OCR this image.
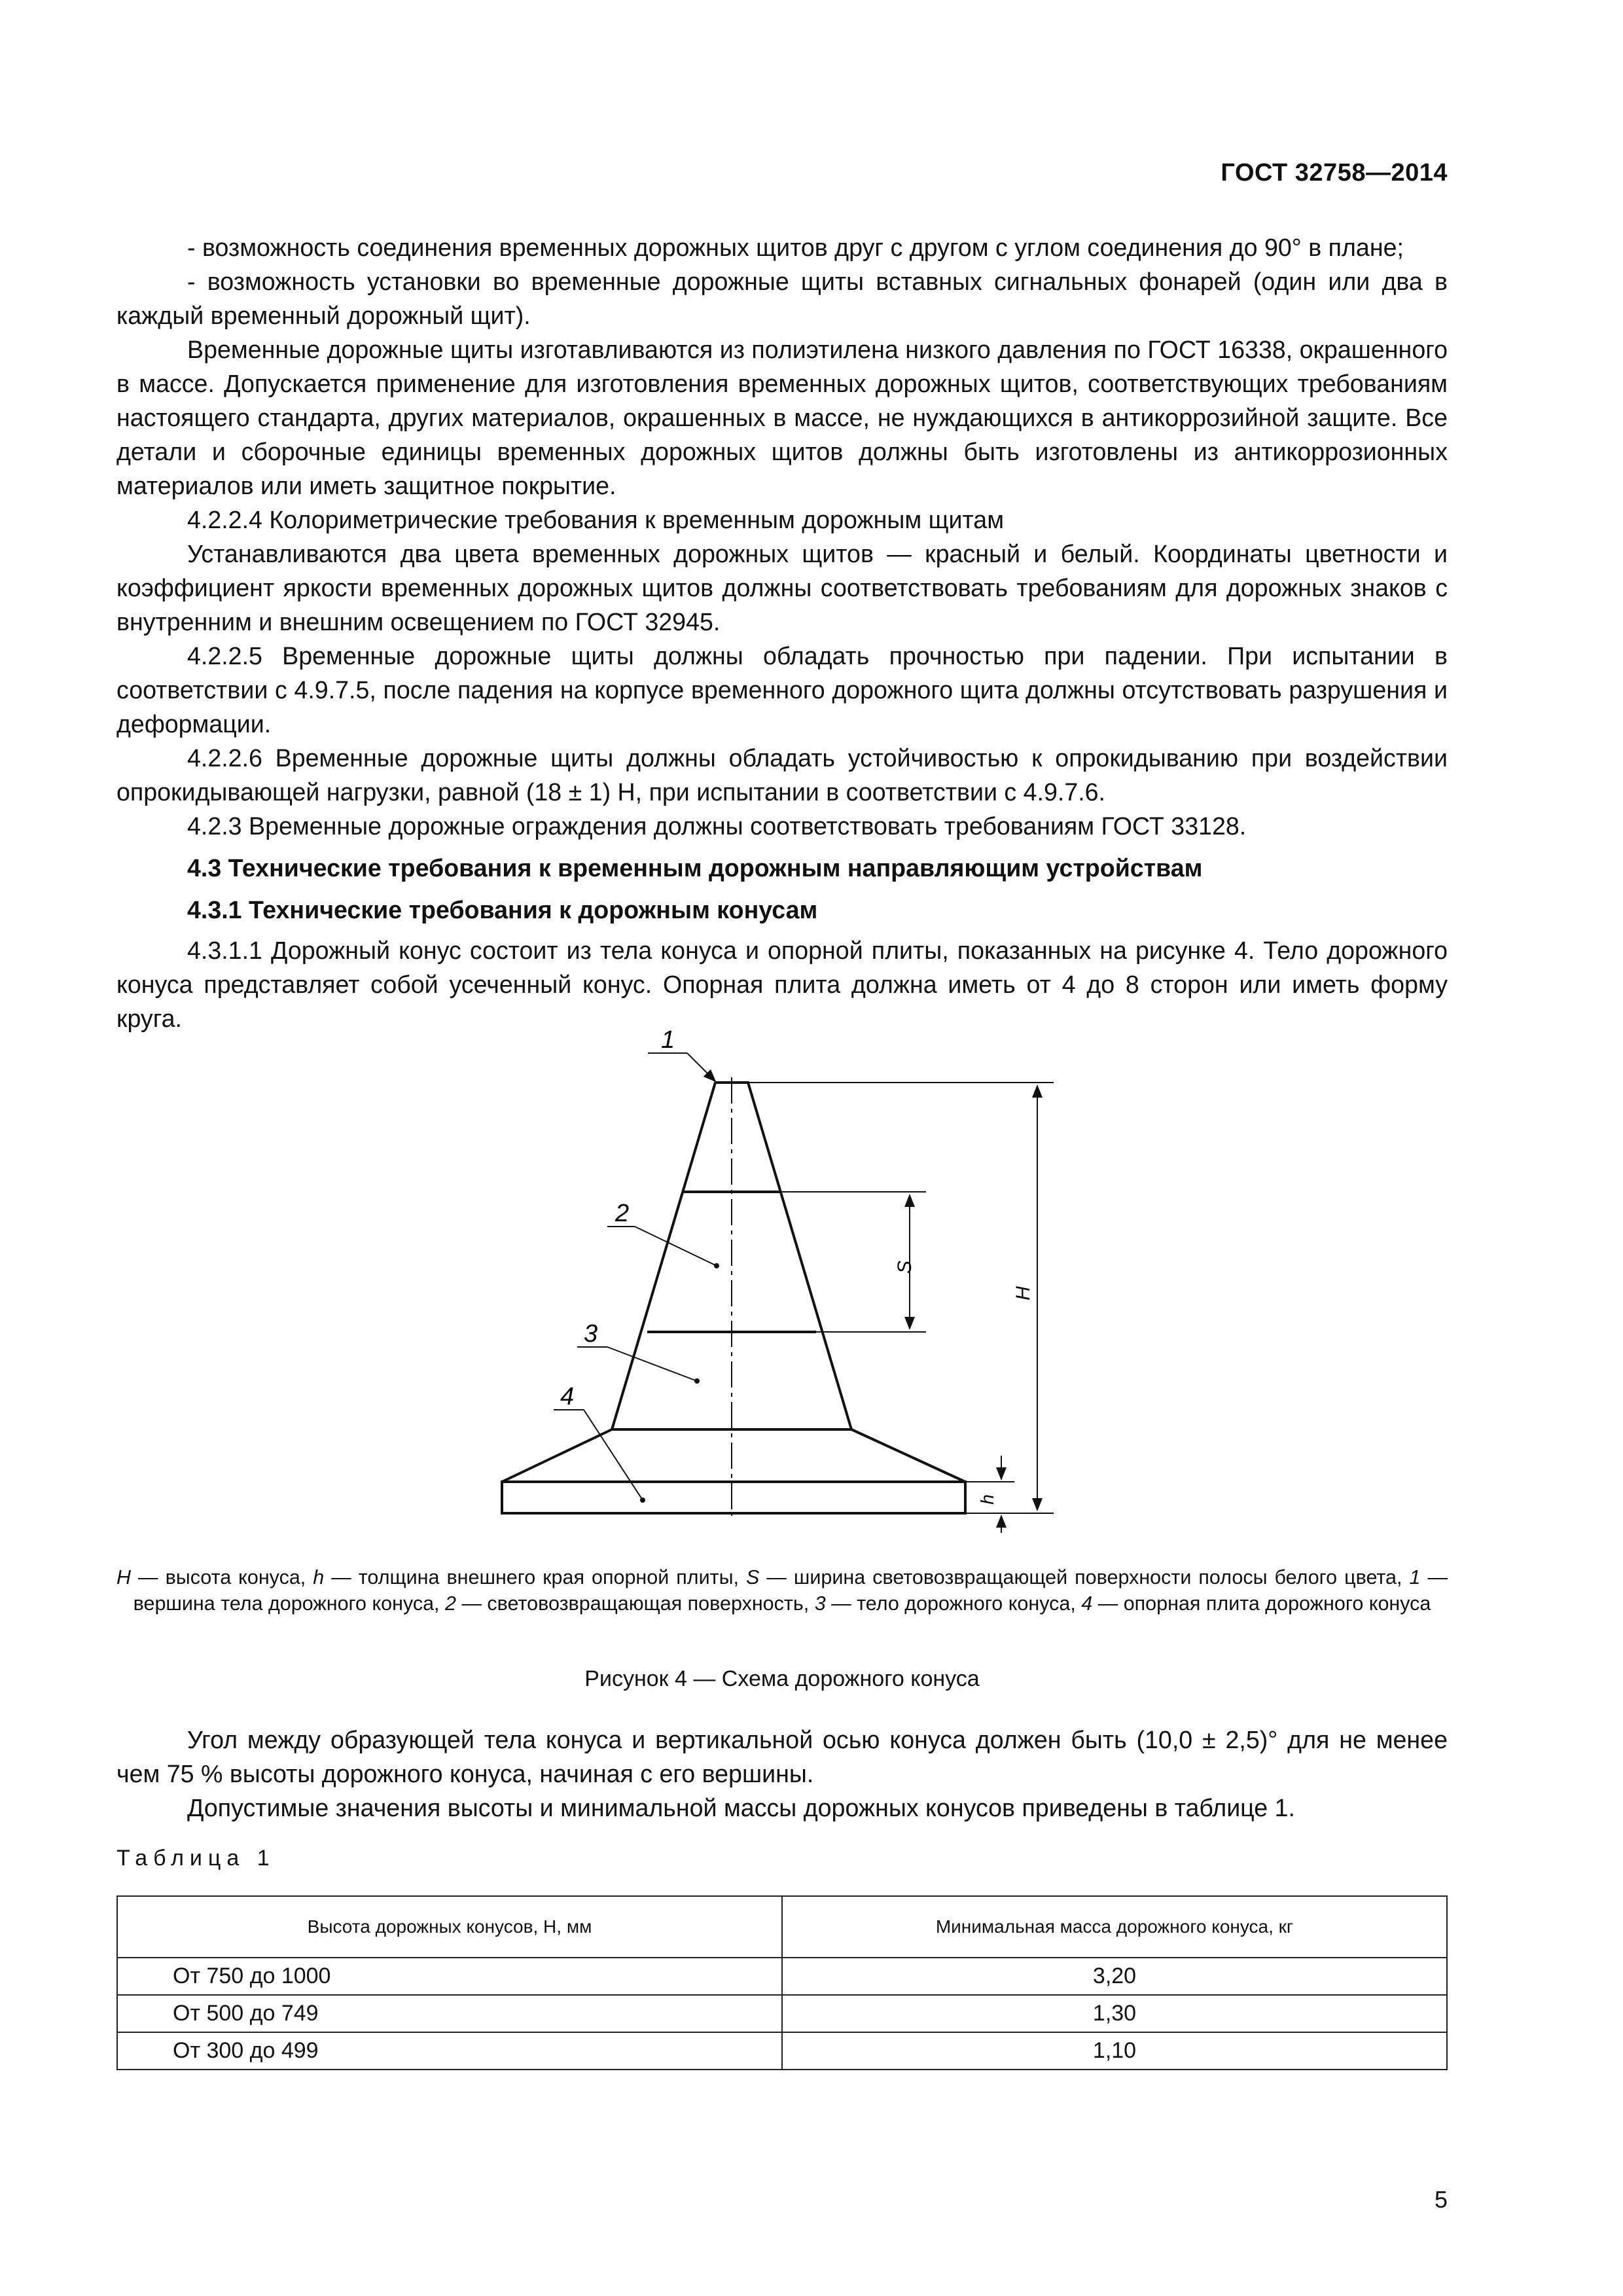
ГОСТ 32758—2014

- возможность соединения временных дорожных щитов друг с другом с углом соединения до 90° в плане;

- возможность установки во временные дорожные щиты вставных сигнальных фонарей (один или два в каждый временный дорожный щит).

Временные дорожные щиты изготавливаются из полиэтилена низкого давления по ГОСТ 16338, окрашенного в массе. Допускается применение для изготовления временных дорожных щитов, соответствующих требованиям настоящего стандарта, других материалов, окрашенных в массе, не нуждающихся в антикоррозийной защите. Все детали и сборочные единицы временных дорожных щитов должны быть изготовлены из антикоррозионных материалов или иметь защитное покрытие.

4.2.2.4 Колориметрические требования к временным дорожным щитам

Устанавливаются два цвета временных дорожных щитов — красный и белый. Координаты цветности и коэффициент яркости временных дорожных щитов должны соответствовать требованиям для дорожных знаков с внутренним и внешним освещением по ГОСТ 32945.

4.2.2.5 Временные дорожные щиты должны обладать прочностью при падении. При испытании в соответствии с 4.9.7.5, после падения на корпусе временного дорожного щита должны отсутствовать разрушения и деформации.

4.2.2.6 Временные дорожные щиты должны обладать устойчивостью к опрокидыванию при воздействии опрокидывающей нагрузки, равной (18 ± 1) Н, при испытании в соответствии с 4.9.7.6.

4.2.3 Временные дорожные ограждения должны соответствовать требованиям ГОСТ 33128.

4.3 Технические требования к временным дорожным направляющим устройствам

4.3.1 Технические требования к дорожным конусам

4.3.1.1 Дорожный конус состоит из тела конуса и опорной плиты, показанных на рисунке 4. Тело дорожного конуса представляет собой усеченный конус. Опорная плита должна иметь от 4 до 8 сторон или иметь форму круга.

S
H
h
1
2
3
4
H — высота конуса, h — толщина внешнего края опорной плиты, S — ширина световозвращающей поверхности полосы белого цвета, 1 — вершина тела дорожного конуса, 2 — световозвращающая поверхность, 3 — тело дорожного конуса, 4 — опорная плита дорожного конуса
Рисунок 4 — Схема дорожного конуса

Угол между образующей тела конуса и вертикальной осью конуса должен быть (10,0 ± 2,5)° для не менее чем 75 % высоты дорожного конуса, начиная с его вершины.

Допустимые значения высоты и минимальной массы дорожных конусов приведены в таблице 1.

Таблица 1
Высота дорожных конусов, Н, мм	Минимальная масса дорожного конуса, кг
От 750 до 1000	3,20
От 500 до 749	1,30
От 300 до 499	1,10
5
